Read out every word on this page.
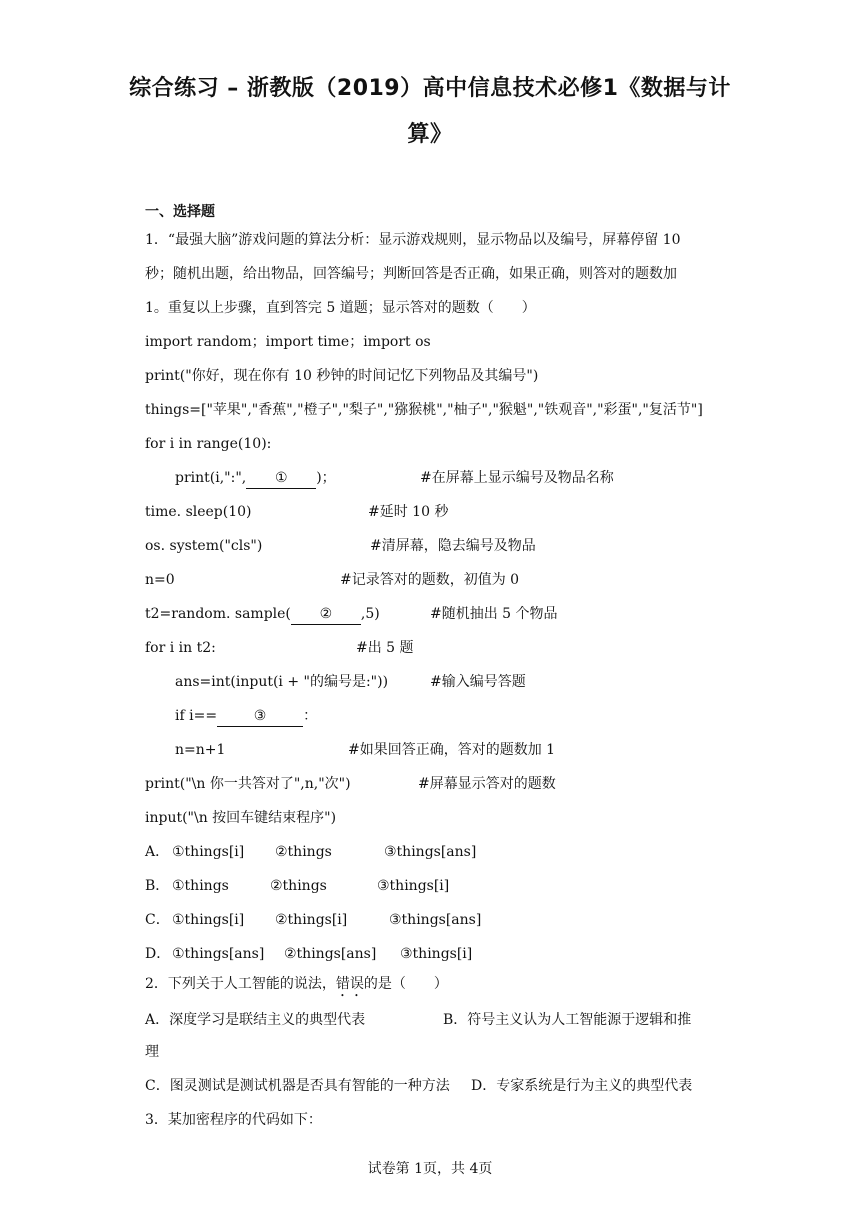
综合练习 – 浙教版（2019）高中信息技术必修1《数据与计
算》
一、选择题
1．“最强大脑”游戏问题的算法分析：显示游戏规则，显示物品以及编号，屏幕停留 10
秒；随机出题，给出物品，回答编号；判断回答是否正确，如果正确，则答对的题数加
1。重复以上步骤，直到答完 5 道题；显示答对的题数（　　）
import random；import time；import os
print("你好，现在你有 10 秒钟的时间记忆下列物品及其编号")
things=["苹果","香蕉","橙子","梨子","猕猴桃","柚子","猴魁","铁观音","彩蛋","复活节"]
for i in range(10):
print(i,":", ① )；	#在屏幕上显示编号及物品名称
time. sleep(10)	#延时 10 秒
os. system("cls")	#清屏幕，隐去编号及物品
n=0	#记录答对的题数，初值为 0
t2=random. sample( ② ,5)	#随机抽出 5 个物品
for i in t2:	#出 5 题
ans=int(input(i + "的编号是:"))	#输入编号答题
if i==	③	：
n=n+1	#如果回答正确，答对的题数加 1
print("\n 你一共答对了",n,"次")	#屏幕显示答对的题数
input("\n 按回车键结束程序")
A． ①things[i] ②things	③things[ans]
B． ①things	②things	③things[i]
C． ①things[i] ②things[i]	③things[ans]
D． ①things[ans] ②things[ans] ③things[i]
2．下列关于人工智能的说法，错误的是（　　）
A．深度学习是联结主义的典型代表	B．符号主义认为人工智能源于逻辑和推
理
C．图灵测试是测试机器是否具有智能的一种方法 D．专家系统是行为主义的典型代表
3．某加密程序的代码如下：
试卷第 1页，共 4页
